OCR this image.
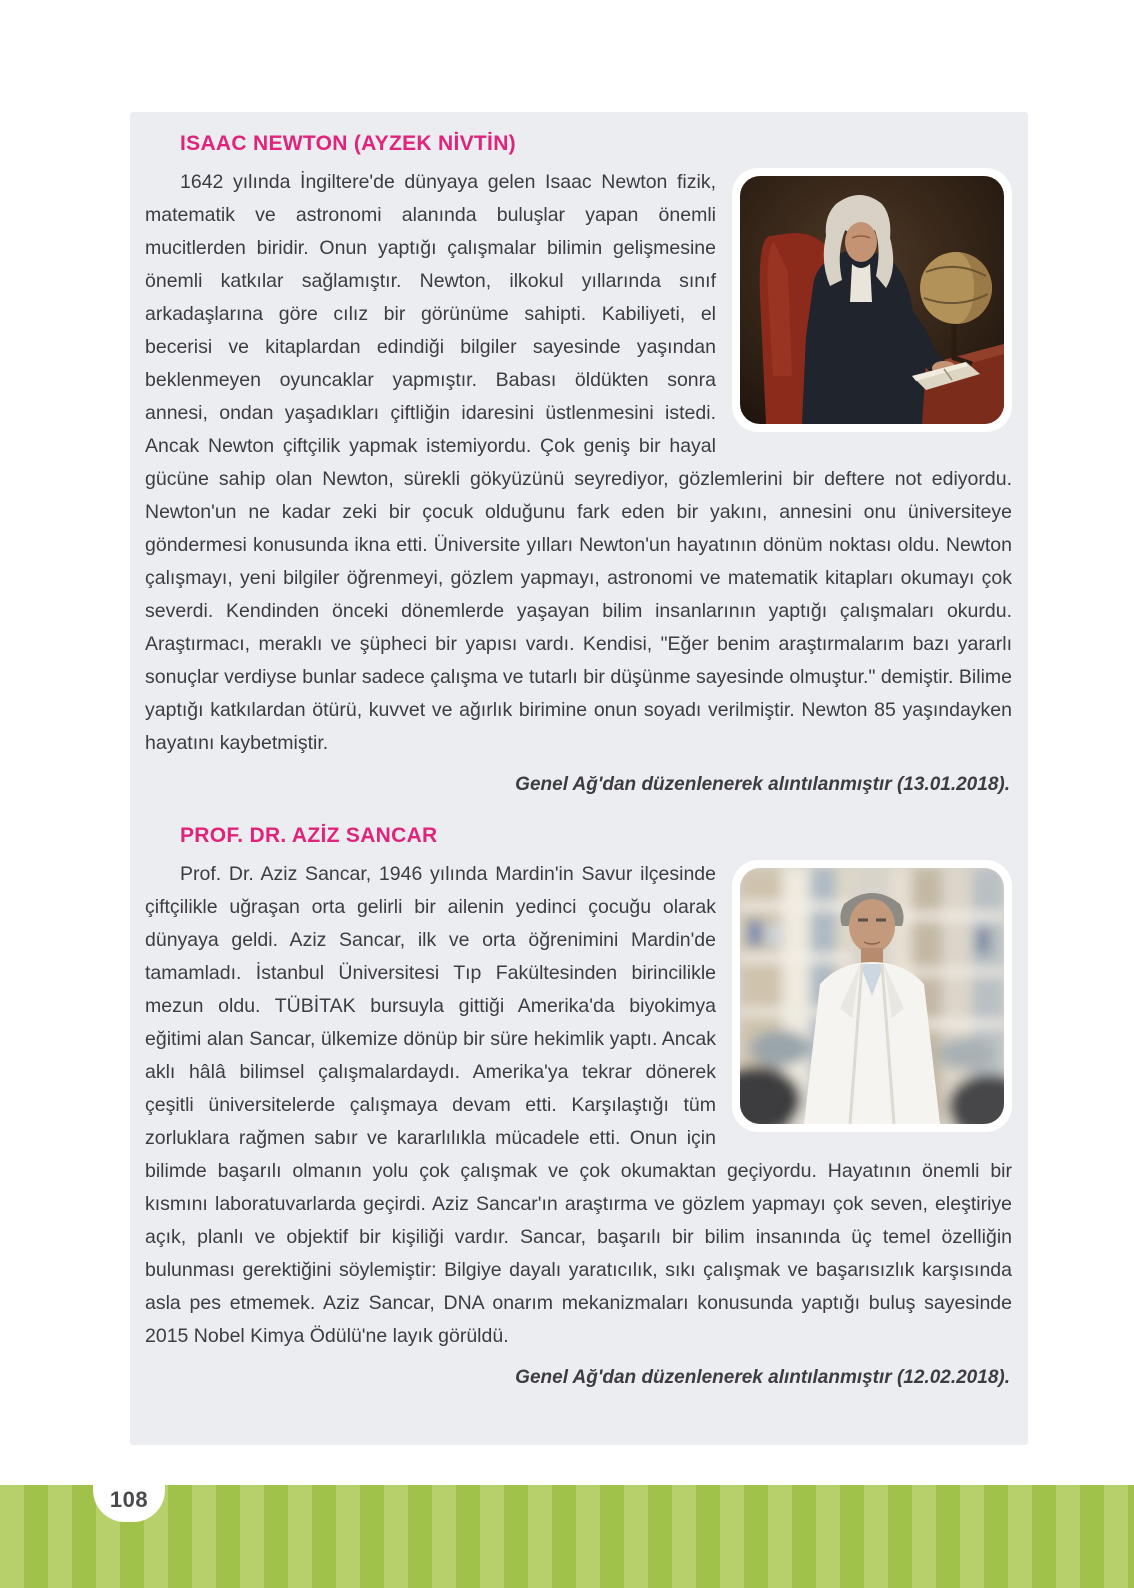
ISAAC NEWTON (AYZEK NİVTİN)

1642 yılında İngiltere'de dünyaya gelen Isaac Newton fizik, matematik ve astronomi alanında buluşlar yapan önemli mucitlerden biridir. Onun yaptığı çalışmalar bilimin gelişmesine önemli katkılar sağlamıştır. Newton, ilkokul yıllarında sınıf arkadaşlarına göre cılız bir görünüme sahipti. Kabiliyeti, el becerisi ve kitaplardan edindiği bilgiler sayesinde yaşından beklenmeyen oyuncaklar yapmıştır. Babası öldükten sonra annesi, ondan yaşadıkları çiftliğin idaresini üstlenmesini istedi. Ancak Newton çiftçilik yapmak istemiyordu. Çok geniş bir hayal gücüne sahip olan Newton, sürekli gökyüzünü seyrediyor, gözlemlerini bir deftere not ediyordu. Newton'un ne kadar zeki bir çocuk olduğunu fark eden bir yakını, annesini onu üniversiteye göndermesi konusunda ikna etti. Üniversite yılları Newton'un hayatının dönüm noktası oldu. Newton çalışmayı, yeni bilgiler öğrenmeyi, gözlem yapmayı, astronomi ve matematik kitapları okumayı çok severdi. Kendinden önceki dönemlerde yaşayan bilim insanlarının yaptığı çalışmaları okurdu. Araştırmacı, meraklı ve şüpheci bir yapısı vardı. Kendisi, "Eğer benim araştırmalarım bazı yararlı sonuçlar verdiyse bunlar sadece çalışma ve tutarlı bir düşünme sayesinde olmuştur." demiştir. Bilime yaptığı katkılardan ötürü, kuvvet ve ağırlık birimine onun soyadı verilmiştir. Newton 85 yaşındayken hayatını kaybetmiştir.

Genel Ağ'dan düzenlenerek alıntılanmıştır (13.01.2018).
PROF. DR. AZİZ SANCAR

Prof. Dr. Aziz Sancar, 1946 yılında Mardin'in Savur ilçesinde çiftçilikle uğraşan orta gelirli bir ailenin yedinci çocuğu olarak dünyaya geldi. Aziz Sancar, ilk ve orta öğrenimini Mardin'de tamamladı. İstanbul Üniversitesi Tıp Fakültesinden birincilikle mezun oldu. TÜBİTAK bursuyla gittiği Amerika'da biyokimya eğitimi alan Sancar, ülkemize dönüp bir süre hekimlik yaptı. Ancak aklı hâlâ bilimsel çalışmalardaydı. Amerika'ya tekrar dönerek çeşitli üniversitelerde çalışmaya devam etti. Karşılaştığı tüm zorluklara rağmen sabır ve kararlılıkla mücadele etti. Onun için bilimde başarılı olmanın yolu çok çalışmak ve çok okumaktan geçiyordu. Hayatının önemli bir kısmını laboratuvarlarda geçirdi. Aziz Sancar'ın araştırma ve gözlem yapmayı çok seven, eleştiriye açık, planlı ve objektif bir kişiliği vardır. Sancar, başarılı bir bilim insanında üç temel özelliğin bulunması gerektiğini söylemiştir: Bilgiye dayalı yaratıcılık, sıkı çalışmak ve başarısızlık karşısında asla pes etmemek. Aziz Sancar, DNA onarım mekanizmaları konusunda yaptığı buluş sayesinde 2015 Nobel Kimya Ödülü'ne layık görüldü.

Genel Ağ'dan düzenlenerek alıntılanmıştır (12.02.2018).
108
